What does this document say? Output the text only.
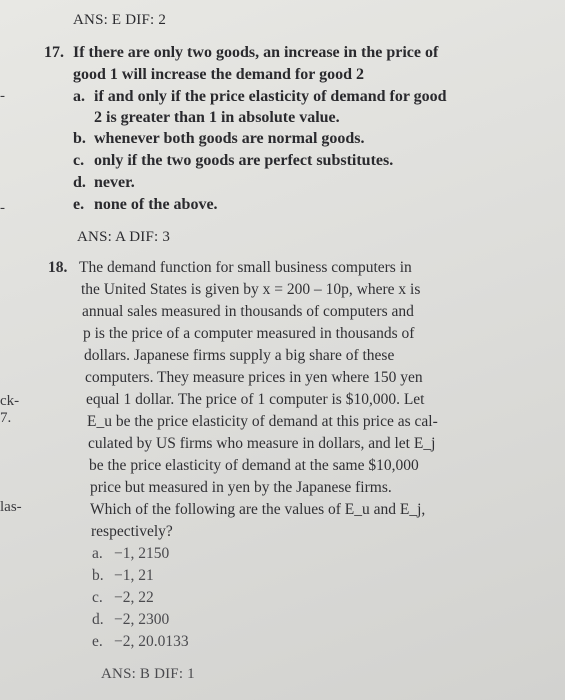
-
-
ck-
7.
las-
ANS: E DIF: 2
17. If there are only two goods, an increase in the price of
good 1 will increase the demand for good 2
a. if and only if the price elasticity of demand for good
2 is greater than 1 in absolute value.
b. whenever both goods are normal goods.
c. only if the two goods are perfect substitutes.
d. never.
e. none of the above.
ANS: A DIF: 3
18. The demand function for small business computers in
the United States is given by x = 200 – 10p, where x is
annual sales measured in thousands of computers and
p is the price of a computer measured in thousands of
dollars. Japanese firms supply a big share of these
computers. They measure prices in yen where 150 yen
equal 1 dollar. The price of 1 computer is $10,000. Let
E_u be the price elasticity of demand at this price as cal-
culated by US firms who measure in dollars, and let E_j
be the price elasticity of demand at the same $10,000
price but measured in yen by the Japanese firms.
Which of the following are the values of E_u and E_j,
respectively?
a. −1, 2150
b. −1, 21
c. −2, 22
d. −2, 2300
e. −2, 20.0133
ANS: B DIF: 1
